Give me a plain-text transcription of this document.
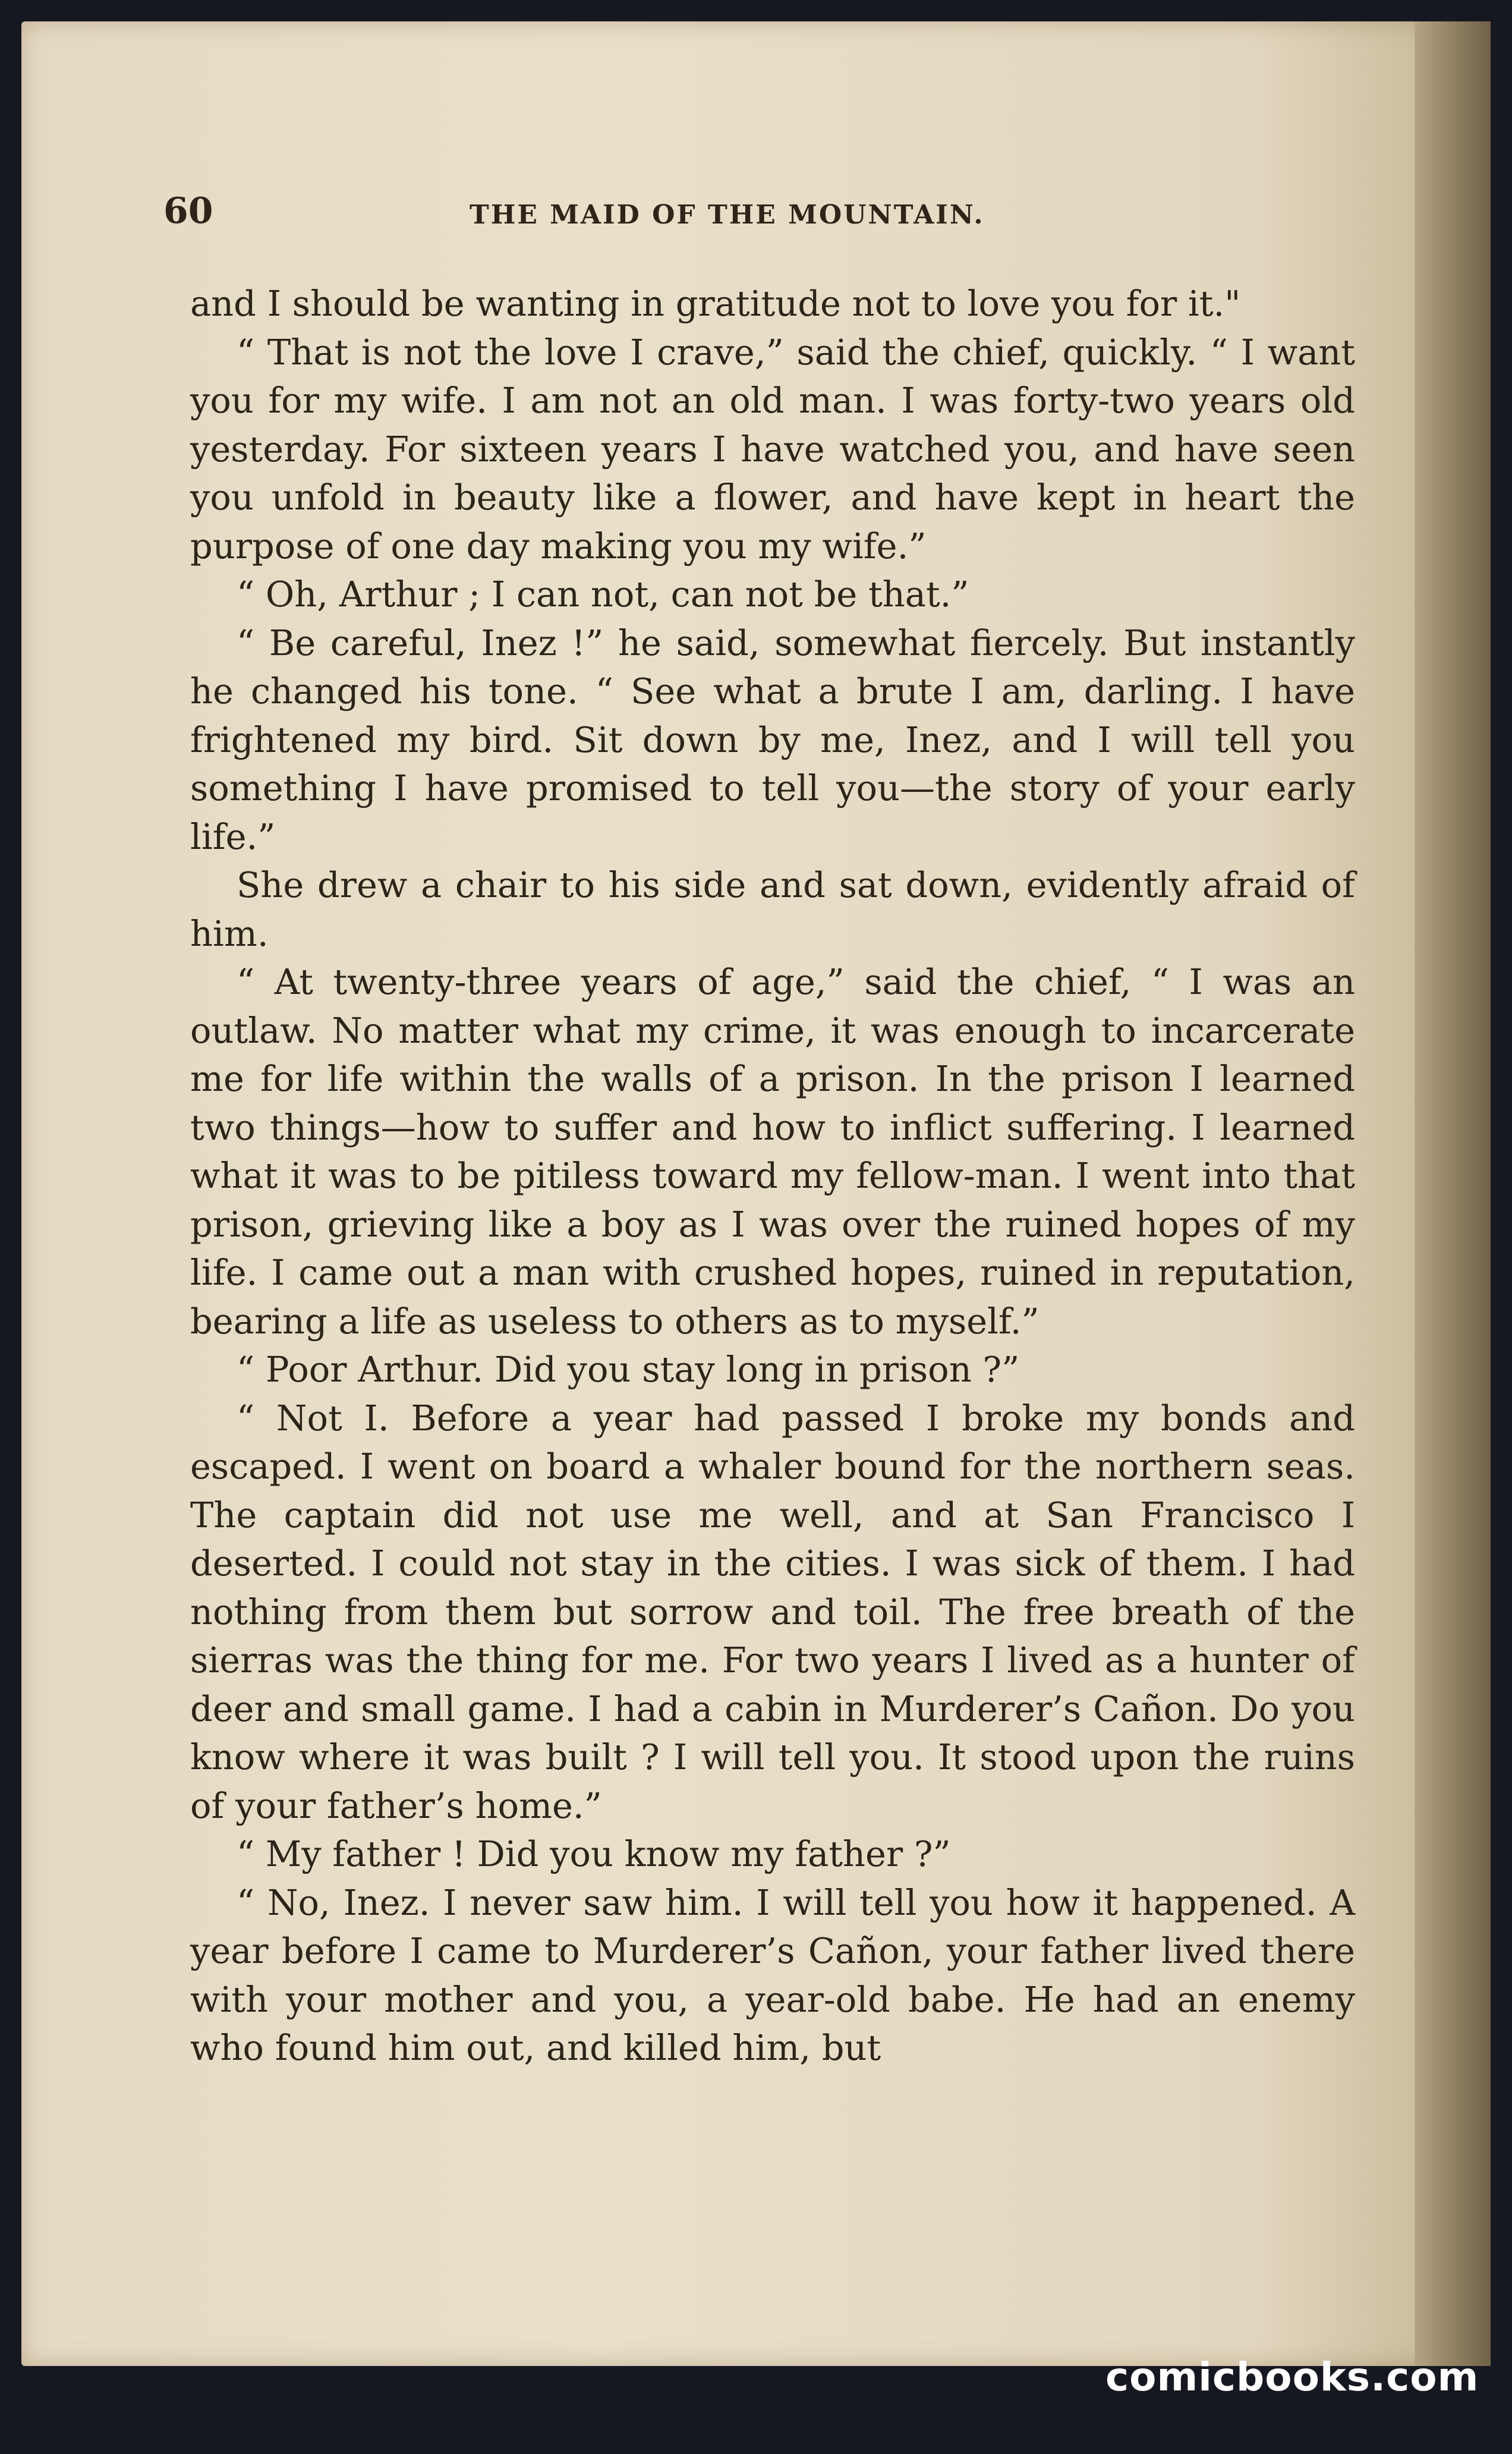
60	THE MAID OF THE MOUNTAIN.

and I should be wanting in gratitude not to love you for it."

“ That is not the love I crave,” said the chief, quickly. “ I want you for my wife. I am not an old man. I was forty-two years old yesterday. For sixteen years I have watched you, and have seen you unfold in beauty like a flower, and have kept in heart the purpose of one day making you my wife.”

“ Oh, Arthur ; I can not, can not be that.”

“ Be careful, Inez !” he said, somewhat fiercely. But instantly he changed his tone. “ See what a brute I am, darling. I have frightened my bird. Sit down by me, Inez, and I will tell you something I have promised to tell you—the story of your early life.”

She drew a chair to his side and sat down, evidently afraid of him.

“ At twenty-three years of age,” said the chief, “ I was an outlaw. No matter what my crime, it was enough to incarcerate me for life within the walls of a prison. In the prison I learned two things—how to suffer and how to inflict suffering. I learned what it was to be pitiless toward my fellow-man. I went into that prison, grieving like a boy as I was over the ruined hopes of my life. I came out a man with crushed hopes, ruined in reputation, bearing a life as useless to others as to myself.”

“ Poor Arthur. Did you stay long in prison ?”

“ Not I. Before a year had passed I broke my bonds and escaped. I went on board a whaler bound for the northern seas. The captain did not use me well, and at San Francisco I deserted. I could not stay in the cities. I was sick of them. I had nothing from them but sorrow and toil. The free breath of the sierras was the thing for me. For two years I lived as a hunter of deer and small game. I had a cabin in Murderer’s Cañon. Do you know where it was built ? I will tell you. It stood upon the ruins of your father’s home.”

“ My father ! Did you know my father ?”

“ No, Inez. I never saw him. I will tell you how it happened. A year before I came to Murderer’s Cañon, your father lived there with your mother and you, a year-old babe. He had an enemy who found him out, and killed him, but

comicbooks.com
